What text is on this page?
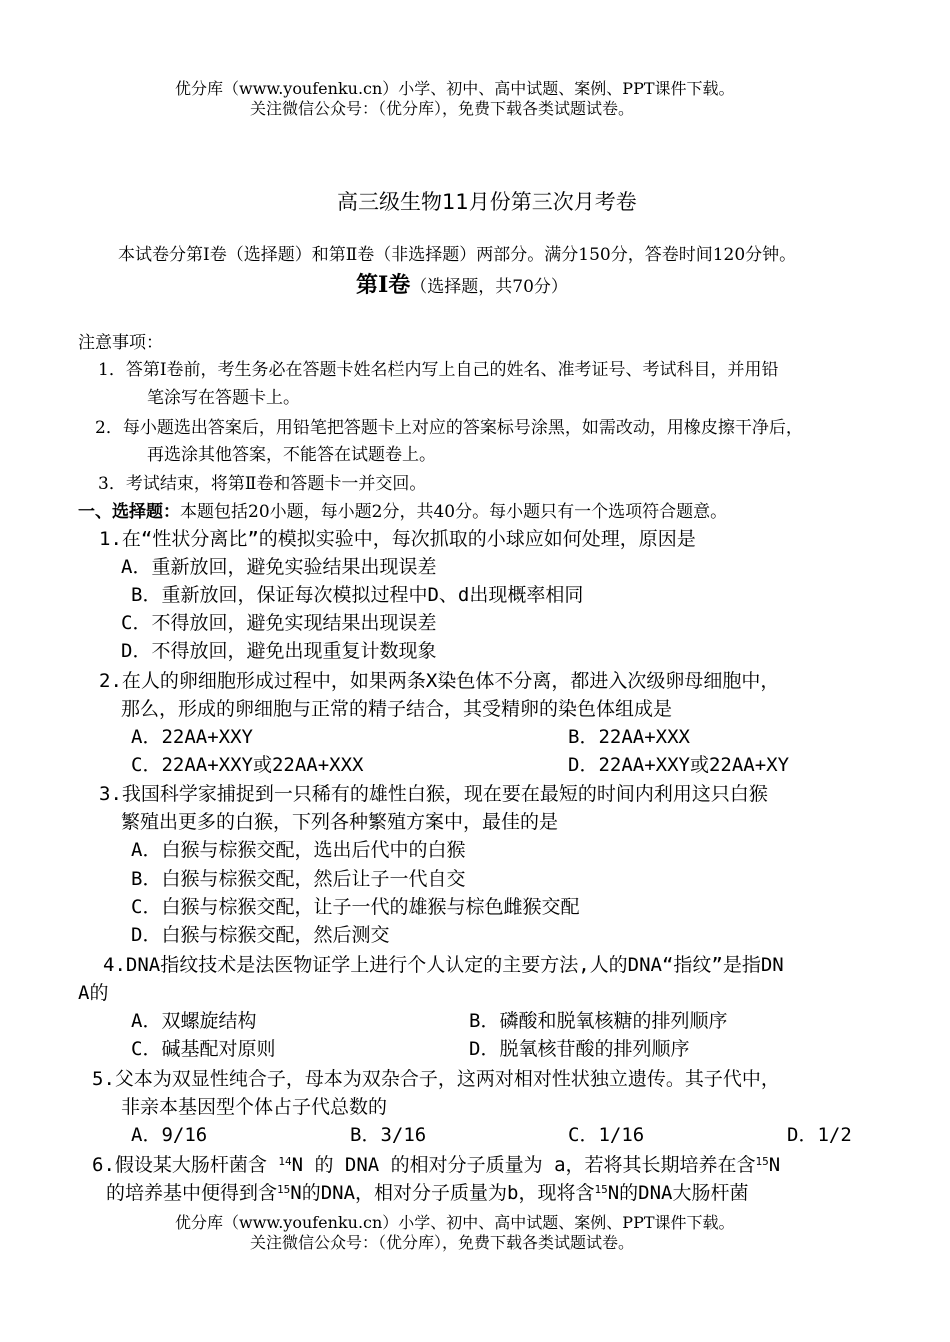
优分库（www.youfenku.cn）小学、初中、高中试题、案例、PPT课件下载。
关注微信公众号：（优分库），免费下载各类试题试卷。
高三级生物11月份第三次月考卷
本试卷分第Ⅰ卷（选择题）和第Ⅱ卷（非选择题）两部分。满分150分，答卷时间120分钟。
第Ⅰ卷（选择题，共70分）
注意事项：
1．答第Ⅰ卷前，考生务必在答题卡姓名栏内写上自己的姓名、准考证号、考试科目，并用铅
笔涂写在答题卡上。
2．每小题选出答案后，用铅笔把答题卡上对应的答案标号涂黑，如需改动，用橡皮擦干净后，
再选涂其他答案，不能答在试题卷上。
3．考试结束，将第Ⅱ卷和答题卡一并交回。
一、选择题：本题包括20小题，每小题2分，共40分。每小题只有一个选项符合题意。
1.在“性状分离比”的模拟实验中，每次抓取的小球应如何处理，原因是
A．重新放回，避免实验结果出现误差
B．重新放回，保证每次模拟过程中D、d出现概率相同
C．不得放回，避免实现结果出现误差
D．不得放回，避免出现重复计数现象
2.在人的卵细胞形成过程中，如果两条X染色体不分离，都进入次级卵母细胞中，
那么，形成的卵细胞与正常的精子结合，其受精卵的染色体组成是
A．22AA+XXY	B．22AA+XXX
C．22AA+XXY或22AA+XXX	D．22AA+XXY或22AA+XY
3.我国科学家捕捉到一只稀有的雄性白猴，现在要在最短的时间内利用这只白猴
繁殖出更多的白猴，下列各种繁殖方案中，最佳的是
A．白猴与棕猴交配，选出后代中的白猴
B．白猴与棕猴交配，然后让子一代自交
C．白猴与棕猴交配，让子一代的雄猴与棕色雌猴交配
D．白猴与棕猴交配，然后测交
4.DNA指纹技术是法医物证学上进行个人认定的主要方法,人的DNA“指纹”是指DN
A的
A．双螺旋结构	B．磷酸和脱氧核糖的排列顺序
C．碱基配对原则	D．脱氧核苷酸的排列顺序
5.父本为双显性纯合子，母本为双杂合子，这两对相对性状独立遗传。其子代中，
非亲本基因型个体占子代总数的
A．9/16	B．3/16	C．1/16	D．1/2
6.假设某大肠杆菌含 $^{14}$N 的 DNA 的相对分子质量为 a，若将其长期培养在含$^{15}$N
的培养基中便得到含$^{15}$N的DNA，相对分子质量为b，现将含$^{15}$N的DNA大肠杆菌
优分库（www.youfenku.cn）小学、初中、高中试题、案例、PPT课件下载。
关注微信公众号：（优分库），免费下载各类试题试卷。
